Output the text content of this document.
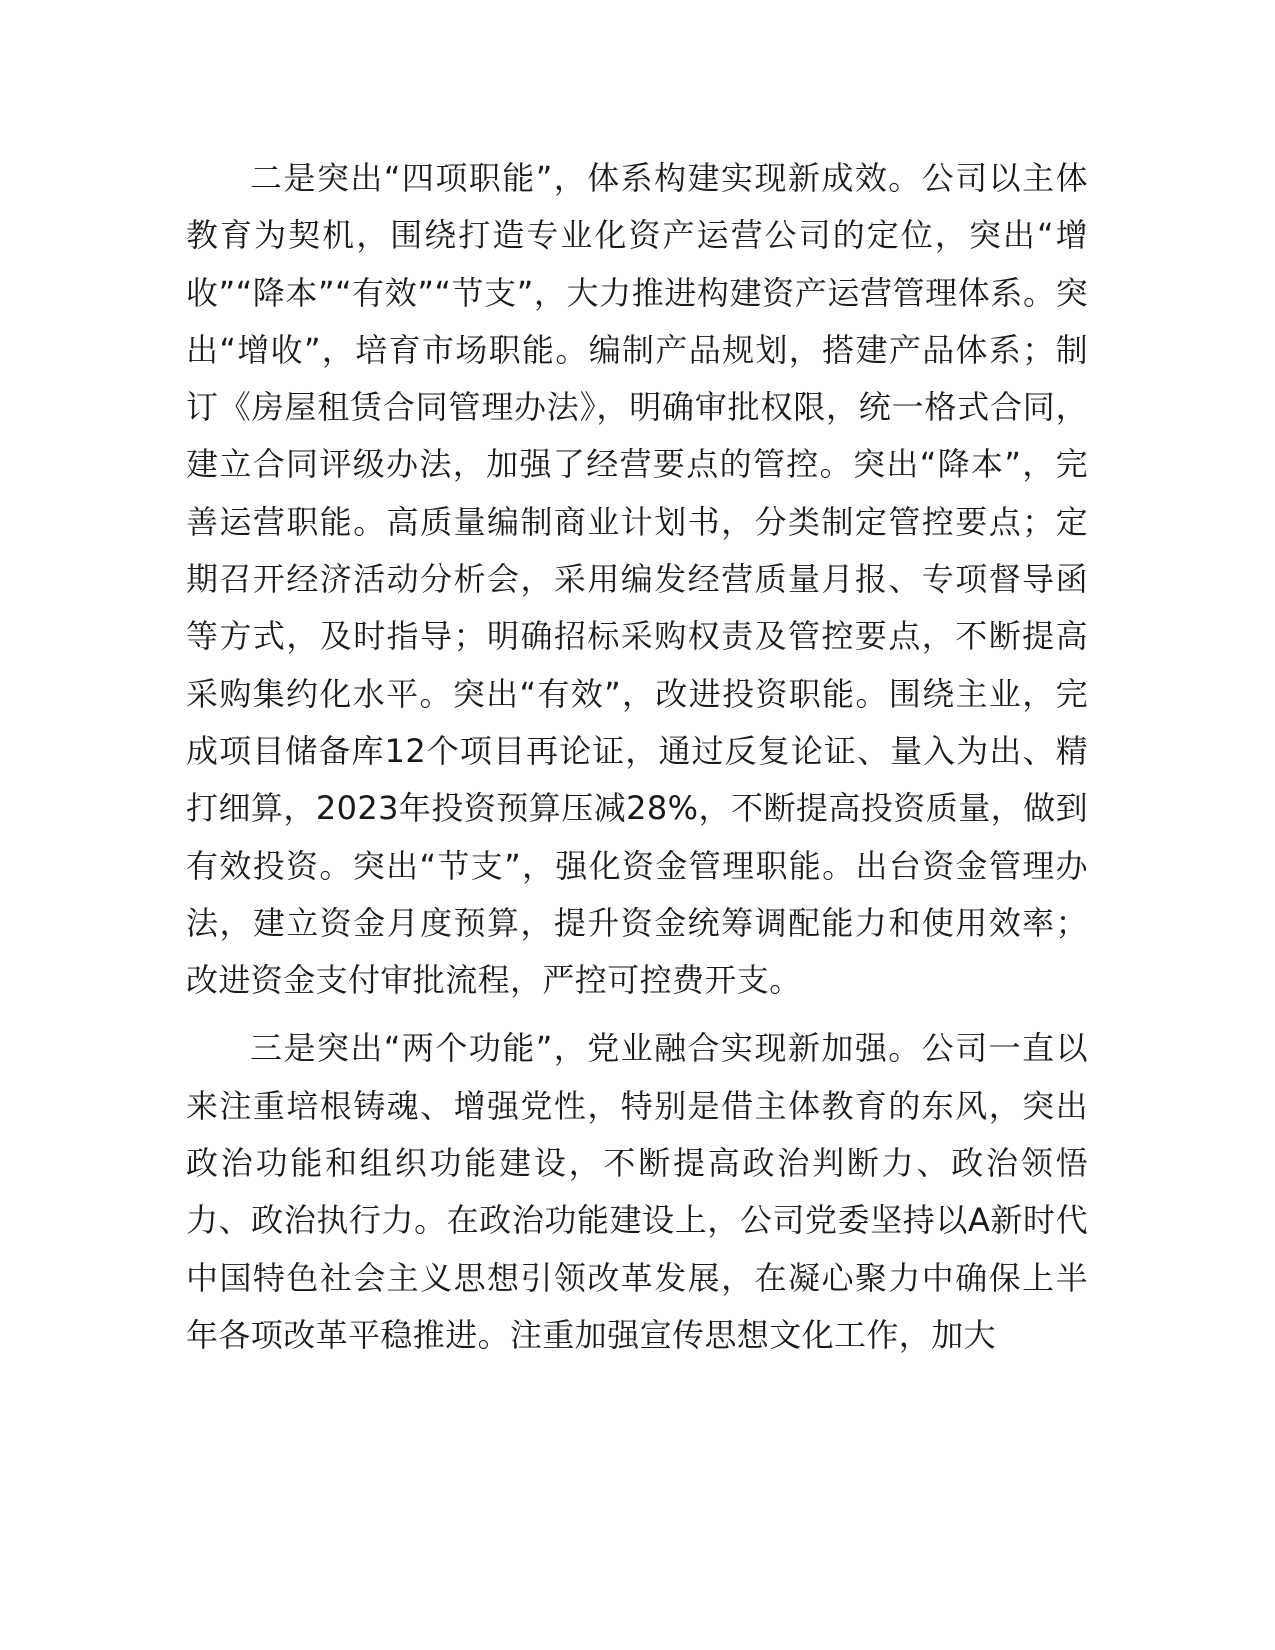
二是突出“四项职能”，体系构建实现新成效。公司以主体教育为契机，围绕打造专业化资产运营公司的定位，突出“增收”“降本”“有效”“节支”，大力推进构建资产运营管理体系。突出“增收”，培育市场职能。编制产品规划，搭建产品体系；制订《房屋租赁合同管理办法》，明确审批权限，统一格式合同，建立合同评级办法，加强了经营要点的管控。突出“降本”，完善运营职能。高质量编制商业计划书，分类制定管控要点；定期召开经济活动分析会，采用编发经营质量月报、专项督导函等方式，及时指导；明确招标采购权责及管控要点，不断提高采购集约化水平。突出“有效”，改进投资职能。围绕主业，完成项目储备库12个项目再论证，通过反复论证、量入为出、精打细算，2023年投资预算压减28%，不断提高投资质量，做到有效投资。突出“节支”，强化资金管理职能。出台资金管理办法，建立资金月度预算，提升资金统筹调配能力和使用效率；改进资金支付审批流程，严控可控费开支。

三是突出“两个功能”，党业融合实现新加强。公司一直以来注重培根铸魂、增强党性，特别是借主体教育的东风，突出政治功能和组织功能建设，不断提高政治判断力、政治领悟力、政治执行力。在政治功能建设上，公司党委坚持以A新时代中国特色社会主义思想引领改革发展，在凝心聚力中确保上半年各项改革平稳推进。注重加强宣传思想文化工作，加大
